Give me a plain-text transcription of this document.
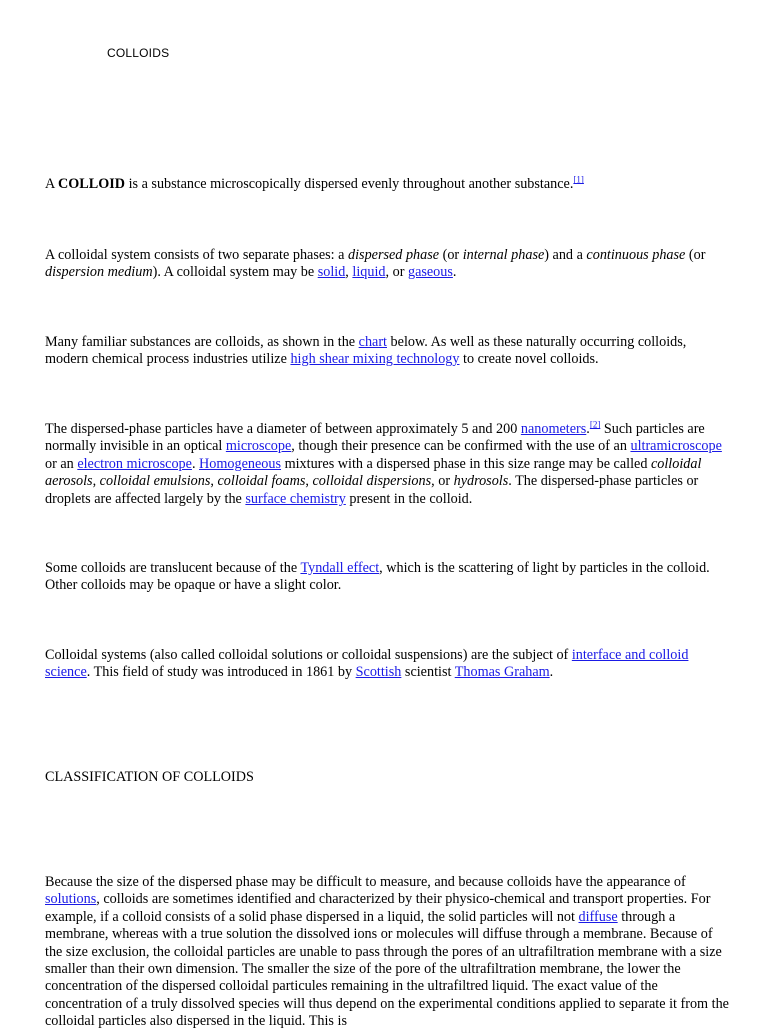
COLLOIDS

A COLLOID is a substance microscopically dispersed evenly throughout another substance.[1]

A colloidal system consists of two separate phases: a dispersed phase (or internal phase) and a continuous phase (or dispersion medium). A colloidal system may be solid, liquid, or gaseous.

Many familiar substances are colloids, as shown in the chart below. As well as these naturally occurring colloids, modern chemical process industries utilize high shear mixing technology to create novel colloids.

The dispersed-phase particles have a diameter of between approximately 5 and 200 nanometers.[2] Such particles are normally invisible in an optical microscope, though their presence can be confirmed with the use of an ultramicroscope or an electron microscope. Homogeneous mixtures with a dispersed phase in this size range may be called colloidal aerosols, colloidal emulsions, colloidal foams, colloidal dispersions, or hydrosols. The dispersed-phase particles or droplets are affected largely by the surface chemistry present in the colloid.

Some colloids are translucent because of the Tyndall effect, which is the scattering of light by particles in the colloid. Other colloids may be opaque or have a slight color.

Colloidal systems (also called colloidal solutions or colloidal suspensions) are the subject of interface and colloid science. This field of study was introduced in 1861 by Scottish scientist Thomas Graham.

CLASSIFICATION OF COLLOIDS

Because the size of the dispersed phase may be difficult to measure, and because colloids have the appearance of solutions, colloids are sometimes identified and characterized by their physico-chemical and transport properties. For example, if a colloid consists of a solid phase dispersed in a liquid, the solid particles will not diffuse through a membrane, whereas with a true solution the dissolved ions or molecules will diffuse through a membrane. Because of the size exclusion, the colloidal particles are unable to pass through the pores of an ultrafiltration membrane with a size smaller than their own dimension. The smaller the size of the pore of the ultrafiltration membrane, the lower the concentration of the dispersed colloidal particules remaining in the ultrafiltred liquid. The exact value of the concentration of a truly dissolved species will thus depend on the experimental conditions applied to separate it from the colloidal particles also dispersed in the liquid. This is
